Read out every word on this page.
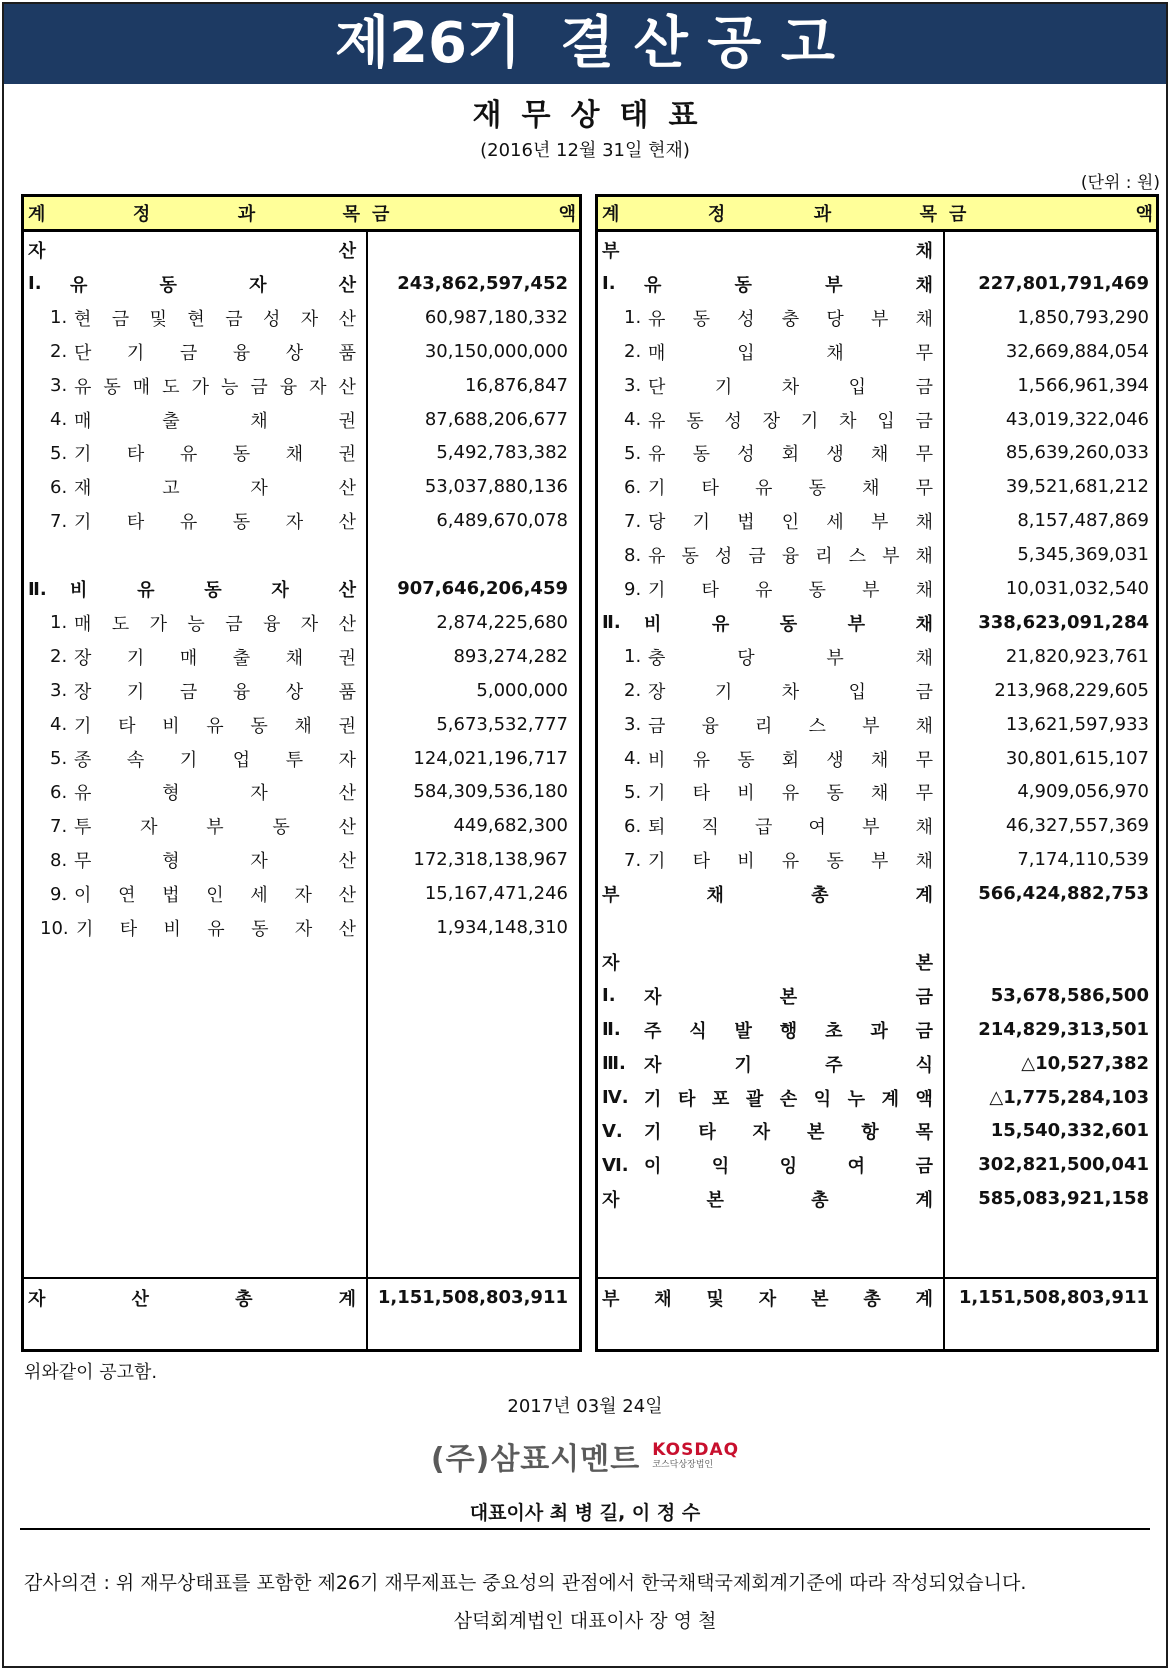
제26기  결 산 공 고
재무상태표
(2016년 12월 31일 현재)
(단위 : 원)
계	정	과	목 금	액
자	산
Ⅰ.	유	동	자	산	243,862,597,452
1. 현 금 및 현 금 성 자 산	60,987,180,332
2. 단 기 금 융 상 품	30,150,000,000
3. 유 동 매 도 가 능 금 융 자 산	16,876,847
4. 매	출	채	권	87,688,206,677
5. 기 타 유 동 채 권	5,492,783,382
6. 재	고	자	산	53,037,880,136
7. 기 타 유 동 자 산	6,489,670,078
Ⅱ.	비	유	동	자	산	907,646,206,459
1. 매 도 가 능 금 융 자 산	2,874,225,680
2. 장 기 매 출 채 권	893,274,282
3. 장 기 금 융 상 품	5,000,000
4. 기 타 비 유 동 채 권	5,673,532,777
5. 종 속 기 업 투 자	124,021,196,717
6. 유	형	자	산	584,309,536,180
7. 투	자	부	동	산	449,682,300
8. 무	형	자	산	172,318,138,967
9. 이 연 법 인 세 자 산	15,167,471,246
10. 기 타 비 유 동 자 산	1,934,148,310
자	산	총	계	1,151,508,803,911
계	정	과	목 금	액
부	채
Ⅰ.	유	동	부	채	227,801,791,469
1. 유 동 성 충 당 부 채	1,850,793,290
2. 매	입	채	무	32,669,884,054
3. 단	기	차	입	금	1,566,961,394
4. 유 동 성 장 기 차 입 금	43,019,322,046
5. 유 동 성 회 생 채 무	85,639,260,033
6. 기 타 유 동 채 무	39,521,681,212
7. 당 기 법 인 세 부 채	8,157,487,869
8. 유 동 성 금 융 리 스 부 채	5,345,369,031
9. 기 타 유 동 부 채	10,031,032,540
Ⅱ.	비	유	동	부	채	338,623,091,284
1. 충	당	부	채	21,820,923,761
2. 장	기	차	입	금	213,968,229,605
3. 금 융 리 스 부 채	13,621,597,933
4. 비 유 동 회 생 채 무	30,801,615,107
5. 기 타 비 유 동 채 무	4,909,056,970
6. 퇴 직 급 여 부 채	46,327,557,369
7. 기 타 비 유 동 부 채	7,174,110,539
부	채	총	계	566,424,882,753
자	본
Ⅰ.	자	본	금	53,678,586,500
Ⅱ.	주 식 발 행 초 과 금	214,829,313,501
Ⅲ.	자	기	주	식	△10,527,382
Ⅳ. 기 타 포 괄 손 익 누 계 액	△1,775,284,103
Ⅴ.	기 타 자 본 항 목	15,540,332,601
Ⅵ. 이	익	잉	여	금	302,821,500,041
자	본	총	계	585,083,921,158
부 채 및 자 본 총 계	1,151,508,803,911
위와같이 공고함.
2017년 03월 24일
(주)삼표시멘트 KOSDAQ
코스닥상장법인
대표이사 최 병 길, 이 정 수
감사의견 : 위 재무상태표를 포함한 제26기 재무제표는 중요성의 관점에서 한국채택국제회계기준에 따라 작성되었습니다.
삼덕회계법인 대표이사 장 영 철
